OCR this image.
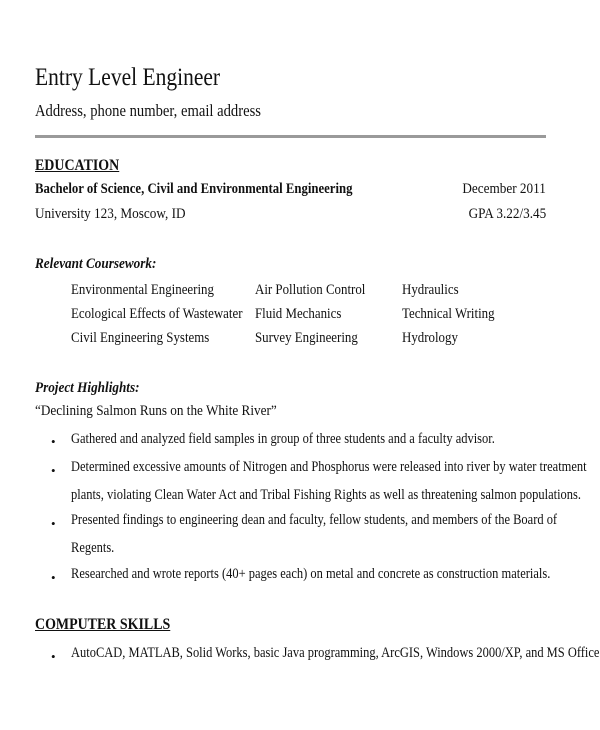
Entry Level Engineer
Address, phone number, email address
EDUCATION
Bachelor of Science, Civil and Environmental Engineering	December 2011
University 123, Moscow, ID	GPA 3.22/3.45
Relevant Coursework:
Environmental Engineering
Ecological Effects of Wastewater
Civil Engineering Systems
Air Pollution Control
Fluid Mechanics
Survey Engineering
Hydraulics
Technical Writing
Hydrology
Project Highlights:
“Declining Salmon Runs on the White River”
• Gathered and analyzed field samples in group of three students and a faculty advisor.
• Determined excessive amounts of Nitrogen and Phosphorus were released into river by water treatment
plants, violating Clean Water Act and Tribal Fishing Rights as well as threatening salmon populations.
• Presented findings to engineering dean and faculty, fellow students, and members of the Board of
Regents.
• Researched and wrote reports (40+ pages each) on metal and concrete as construction materials.
COMPUTER SKILLS
• AutoCAD, MATLAB, Solid Works, basic Java programming, ArcGIS, Windows 2000/XP, and MS Office
